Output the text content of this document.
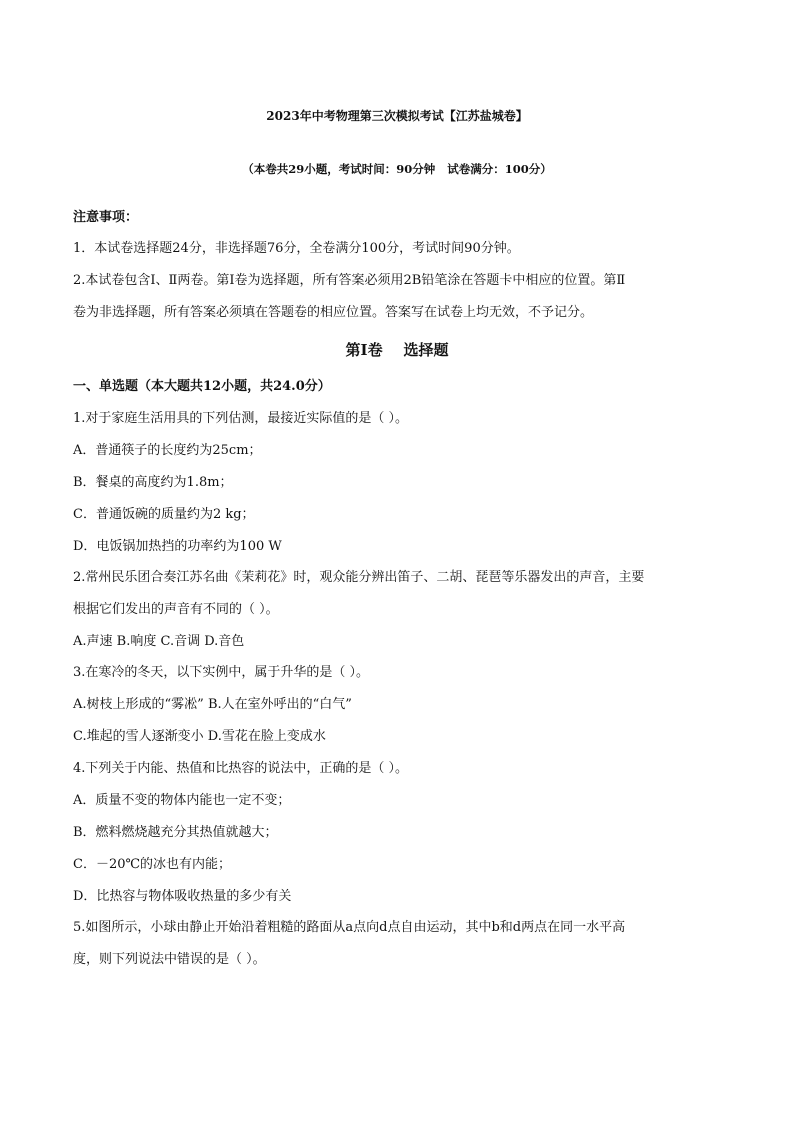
2023年中考物理第三次模拟考试【江苏盐城卷】
（本卷共29小题，考试时间：90分钟   试卷满分：100分）
注意事项：
1．本试卷选择题24分，非选择题76分，全卷满分100分，考试时间90分钟。
2.本试卷包含Ⅰ、Ⅱ两卷。第Ⅰ卷为选择题，所有答案必须用2B铅笔涂在答题卡中相应的位置。第Ⅱ
卷为非选择题，所有答案必须填在答题卷的相应位置。答案写在试卷上均无效，不予记分。
第Ⅰ卷    选择题
一、单选题（本大题共12小题，共24.0分）
1.对于家庭生活用具的下列估测，最接近实际值的是（ ）。
A．普通筷子的长度约为25cm；
B．餐桌的高度约为1.8m；
C．普通饭碗的质量约为2 kg；
D．电饭锅加热挡的功率约为100 W
2.常州民乐团合奏江苏名曲《茉莉花》时，观众能分辨出笛子、二胡、琵琶等乐器发出的声音，主要
根据它们发出的声音有不同的（ ）。
A.声速 B.响度 C.音调 D.音色
3.在寒冷的冬天，以下实例中，属于升华的是（ ）。
A.树枝上形成的“雾凇” B.人在室外呼出的“白气”
C.堆起的雪人逐渐变小 D.雪花在脸上变成水
4.下列关于内能、热值和比热容的说法中，正确的是（ ）。
A．质量不变的物体内能也一定不变；
B．燃料燃烧越充分其热值就越大；
C．－20℃的冰也有内能；
D．比热容与物体吸收热量的多少有关
5.如图所示，小球由静止开始沿着粗糙的路面从a点向d点自由运动，其中b和d两点在同一水平高
度，则下列说法中错误的是（ ）。
